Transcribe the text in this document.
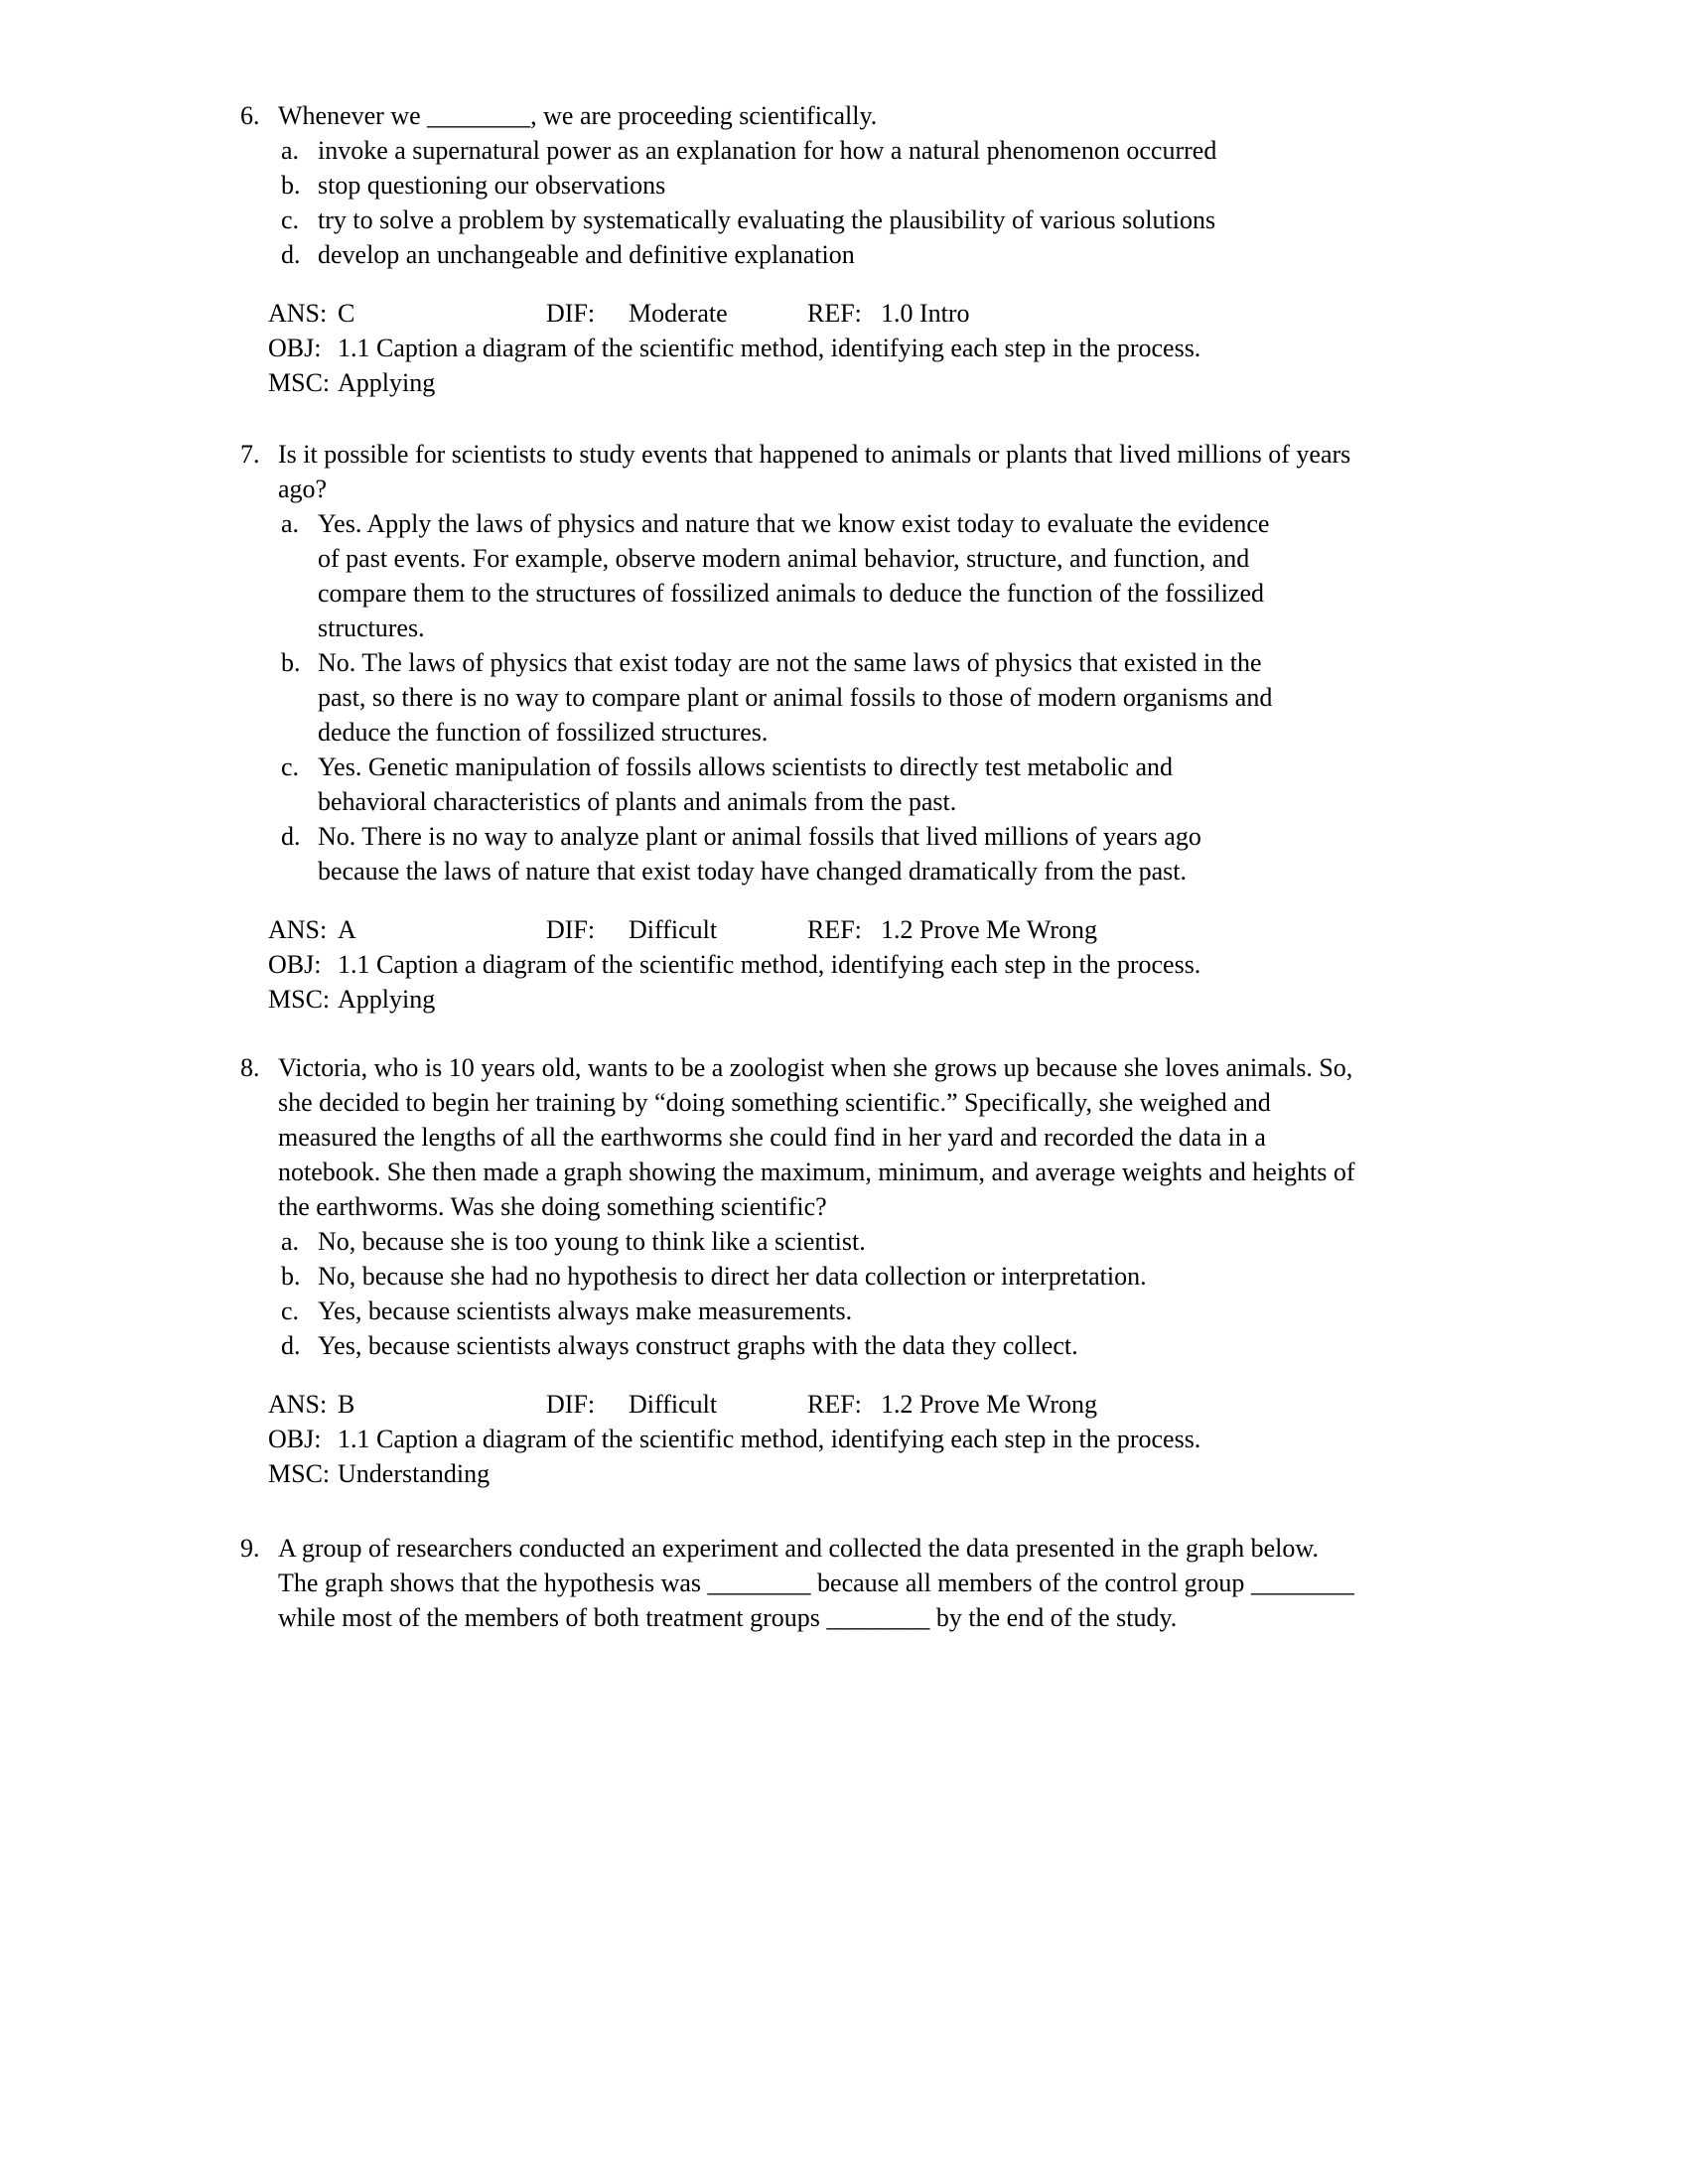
6. Whenever we ________, we are proceeding scientifically.
a. invoke a supernatural power as an explanation for how a natural phenomenon occurred
b. stop questioning our observations
c. try to solve a problem by systematically evaluating the plausibility of various solutions
d. develop an unchangeable and definitive explanation
ANS: C	DIF: Moderate	REF: 1.0 Intro
OBJ: 1.1 Caption a diagram of the scientific method, identifying each step in the process.
MSC: Applying
7. Is it possible for scientists to study events that happened to animals or plants that lived millions of years
ago?
a. Yes. Apply the laws of physics and nature that we know exist today to evaluate the evidence
of past events. For example, observe modern animal behavior, structure, and function, and
compare them to the structures of fossilized animals to deduce the function of the fossilized
structures.
b. No. The laws of physics that exist today are not the same laws of physics that existed in the
past, so there is no way to compare plant or animal fossils to those of modern organisms and
deduce the function of fossilized structures.
c. Yes. Genetic manipulation of fossils allows scientists to directly test metabolic and
behavioral characteristics of plants and animals from the past.
d. No. There is no way to analyze plant or animal fossils that lived millions of years ago
because the laws of nature that exist today have changed dramatically from the past.
ANS: A	DIF: Difficult	REF: 1.2 Prove Me Wrong
OBJ: 1.1 Caption a diagram of the scientific method, identifying each step in the process.
MSC: Applying
8. Victoria, who is 10 years old, wants to be a zoologist when she grows up because she loves animals. So,
she decided to begin her training by “doing something scientific.” Specifically, she weighed and
measured the lengths of all the earthworms she could find in her yard and recorded the data in a
notebook. She then made a graph showing the maximum, minimum, and average weights and heights of
the earthworms. Was she doing something scientific?
a. No, because she is too young to think like a scientist.
b. No, because she had no hypothesis to direct her data collection or interpretation.
c. Yes, because scientists always make measurements.
d. Yes, because scientists always construct graphs with the data they collect.
ANS: B	DIF: Difficult	REF: 1.2 Prove Me Wrong
OBJ: 1.1 Caption a diagram of the scientific method, identifying each step in the process.
MSC: Understanding
9. A group of researchers conducted an experiment and collected the data presented in the graph below.
The graph shows that the hypothesis was ________ because all members of the control group ________
while most of the members of both treatment groups ________ by the end of the study.
